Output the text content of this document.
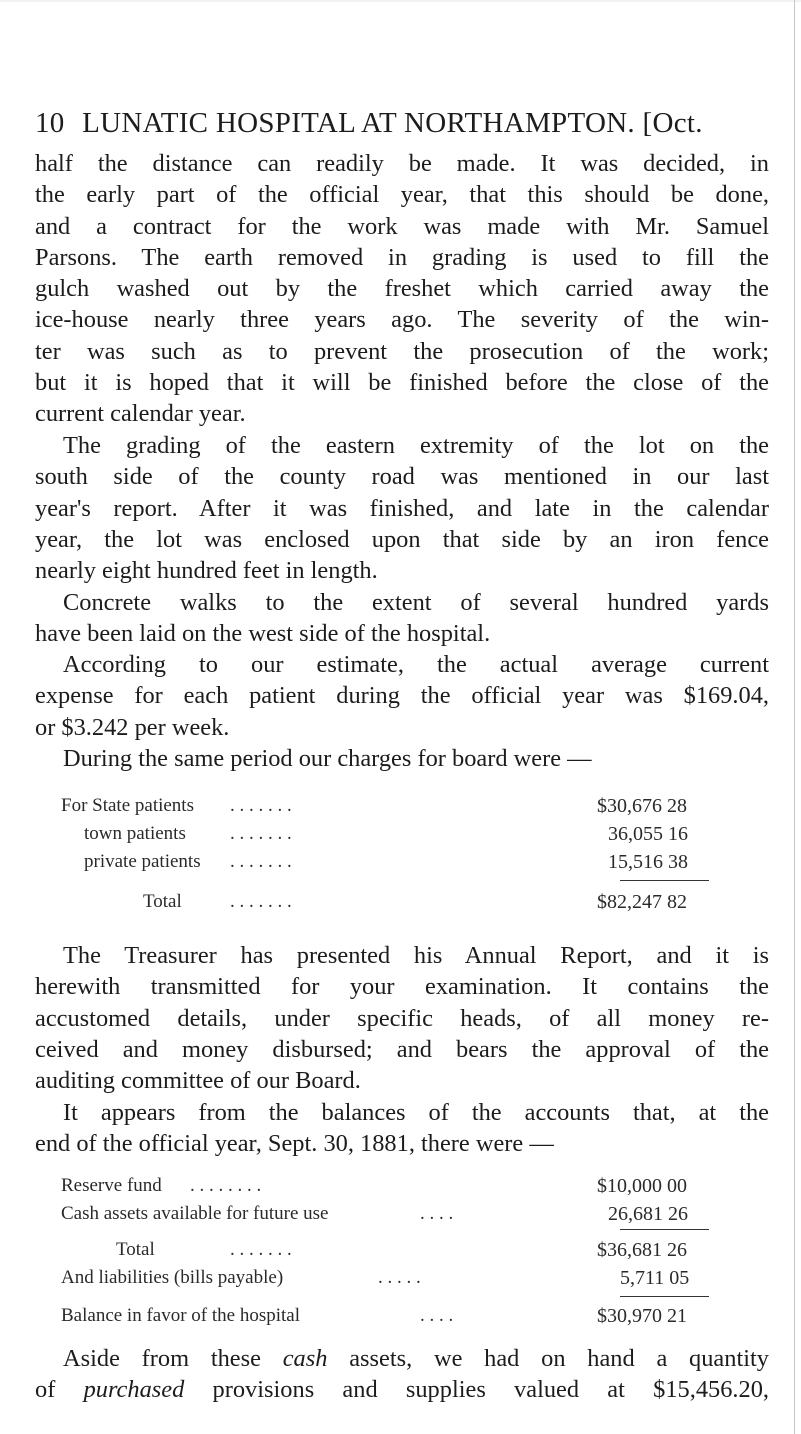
10 LUNATIC HOSPITAL AT NORTHAMPTON. [Oct.
half the distance can readily be made. It was decided, in
the early part of the official year, that this should be done,
and a contract for the work was made with Mr. Samuel
Parsons. The earth removed in grading is used to fill the
gulch washed out by the freshet which carried away the
ice-house nearly three years ago. The severity of the win-
ter was such as to prevent the prosecution of the work;
but it is hoped that it will be finished before the close of the
current calendar year.
The grading of the eastern extremity of the lot on the
south side of the county road was mentioned in our last
year's report. After it was finished, and late in the calendar
year, the lot was enclosed upon that side by an iron fence
nearly eight hundred feet in length.
Concrete walks to the extent of several hundred yards
have been laid on the west side of the hospital.
According to our estimate, the actual average current
expense for each patient during the official year was $169.04,
or $3.242 per week.
During the same period our charges for board were —
For State patients . . . . . . .	$30,676 28
town patients . . . . . . .	36,055 16
private patients . . . . . . .	15,516 38
Total	. . . . . . .	$82,247 82
The Treasurer has presented his Annual Report, and it is
herewith transmitted for your examination. It contains the
accustomed details, under specific heads, of all money re-
ceived and money disbursed; and bears the approval of the
auditing committee of our Board.
It appears from the balances of the accounts that, at the
end of the official year, Sept. 30, 1881, there were —
Reserve fund . . . . . . . .	$10,000 00
Cash assets available for future use	. . . .	26,681 26
Total	. . . . . . .	$36,681 26
And liabilities (bills payable)	. . . . .	5,711 05
Balance in favor of the hospital	. . . .	$30,970 21
Aside from these cash assets, we had on hand a quantity
of purchased provisions and supplies valued at $15,456.20,
